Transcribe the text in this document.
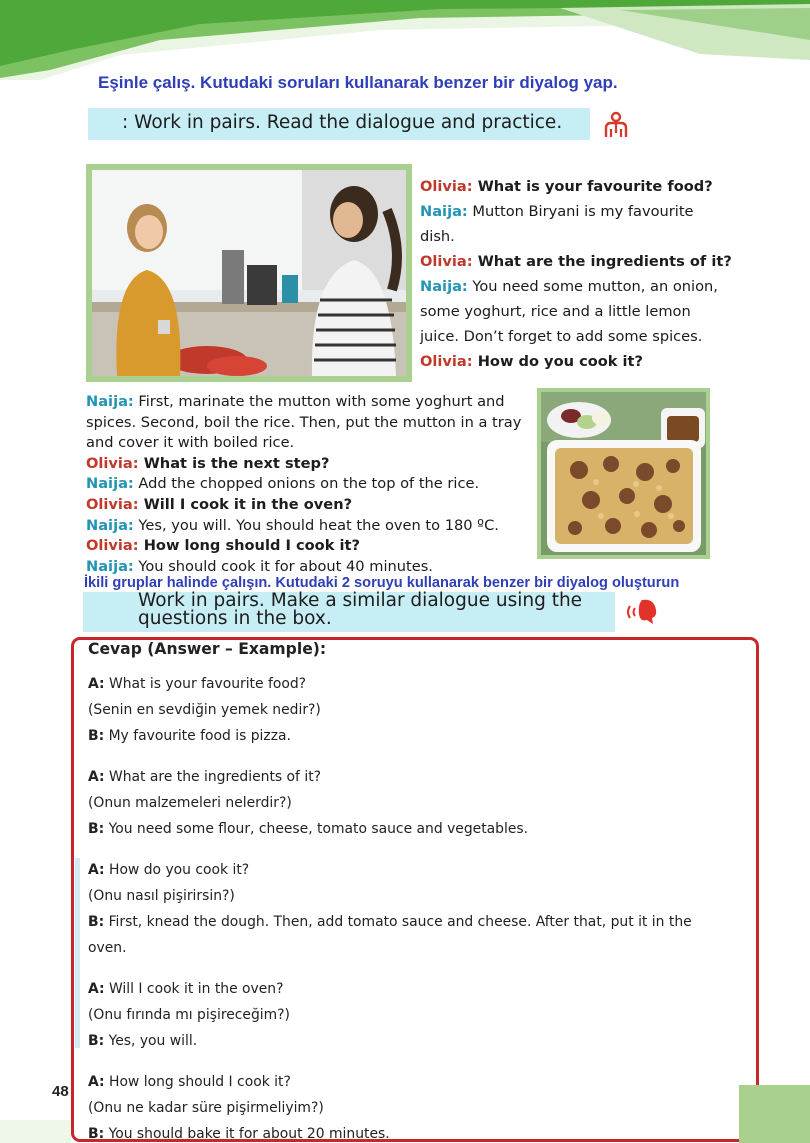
Eşinle çalış. Kutudaki soruları kullanarak benzer bir diyalog yap.
1 : Work in pairs. Read the dialogue and practice.
Olivia: What is your favourite food?
Naija: Mutton Biryani is my favourite
dish.
Olivia: What are the ingredients of it?
Naija: You need some mutton, an onion,
some yoghurt, rice and a little lemon
juice. Don’t forget to add some spices.
Olivia: How do you cook it?
Naija: First, marinate the mutton with some yoghurt and
spices. Second, boil the rice. Then, put the mutton in a tray
and cover it with boiled rice.
Olivia: What is the next step?
Naija: Add the chopped onions on the top of the rice.
Olivia: Will I cook it in the oven?
Naija: Yes, you will. You should heat the oven to 180 ºC.
Olivia: How long should I cook it?
Naija: You should cook it for about 40 minutes.
İkili gruplar halinde çalışın. Kutudaki 2 soruyu kullanarak benzer bir diyalog oluşturun
Work in pairs. Make a similar dialogue using the
questions in the box.
Cevap (Answer – Example):
A: What is your favourite food?
(Senin en sevdiğin yemek nedir?)
B: My favourite food is pizza.
A: What are the ingredients of it?
(Onun malzemeleri nelerdir?)
B: You need some flour, cheese, tomato sauce and vegetables.
A: How do you cook it?
(Onu nasıl pişirirsin?)
B: First, knead the dough. Then, add tomato sauce and cheese. After that, put it in the
oven.
A: Will I cook it in the oven?
(Onu fırında mı pişireceğim?)
B: Yes, you will.
A: How long should I cook it?
(Onu ne kadar süre pişirmeliyim?)
B: You should bake it for about 20 minutes.
48
